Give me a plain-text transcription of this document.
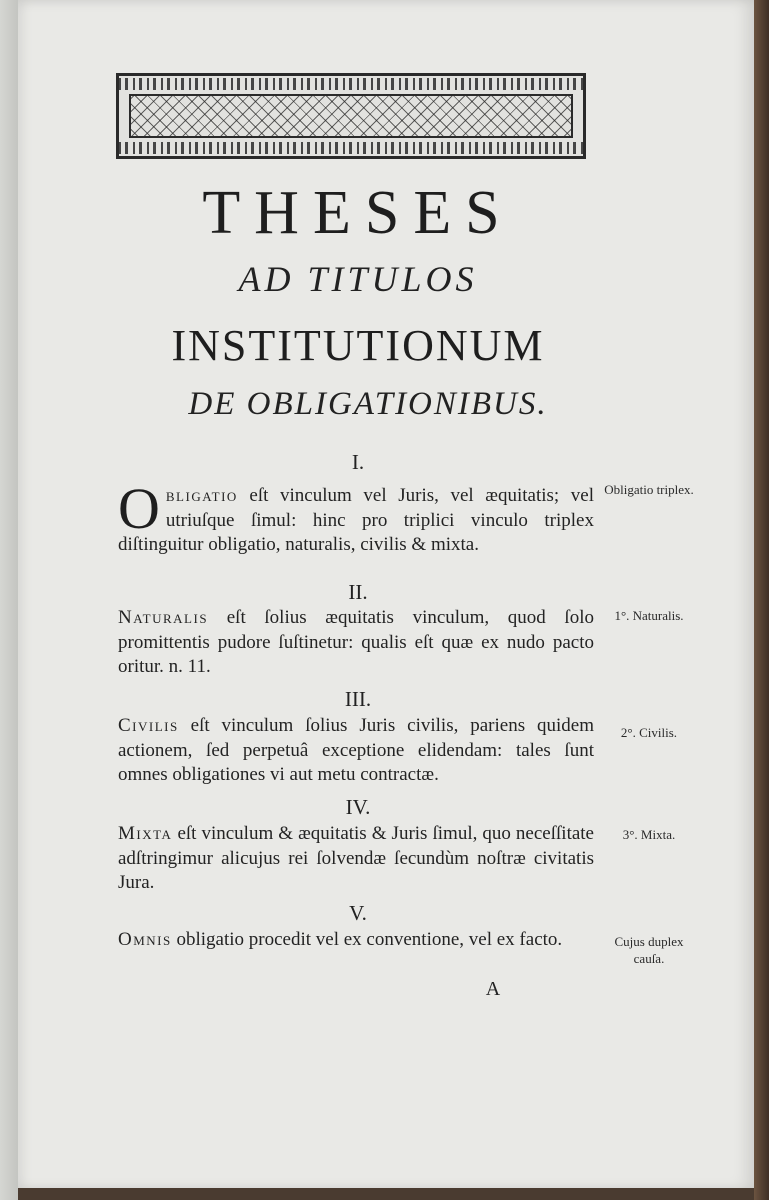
THESES
AD TITULOS
INSTITUTIONUM
DE OBLIGATIONIBUS.
I.
Obligatio eſt vinculum vel Juris, vel æquitatis; vel utriuſque ſimul: hinc pro triplici vinculo triplex diſtinguitur obligatio, naturalis, civilis & mixta.
Obligatio triplex.
II.
Naturalis eſt ſolius æquitatis vinculum, quod ſolo promittentis pudore ſuſtinetur: qualis eſt quæ ex nudo pacto oritur. n. 11.
1°. Naturalis.
III.
Civilis eſt vinculum ſolius Juris civilis, pariens quidem actionem, ſed perpetuâ exceptione elidendam: tales ſunt omnes obligationes vi aut metu contractæ.
2°. Civilis.
IV.
Mixta eſt vinculum & æquitatis & Juris ſimul, quo neceſſitate adſtringimur alicujus rei ſolvendæ ſecundùm noſtræ civitatis Jura.
3°. Mixta.
V.
Omnis obligatio procedit vel ex conventione, vel ex facto.	Cujus duplex cauſa.
A
